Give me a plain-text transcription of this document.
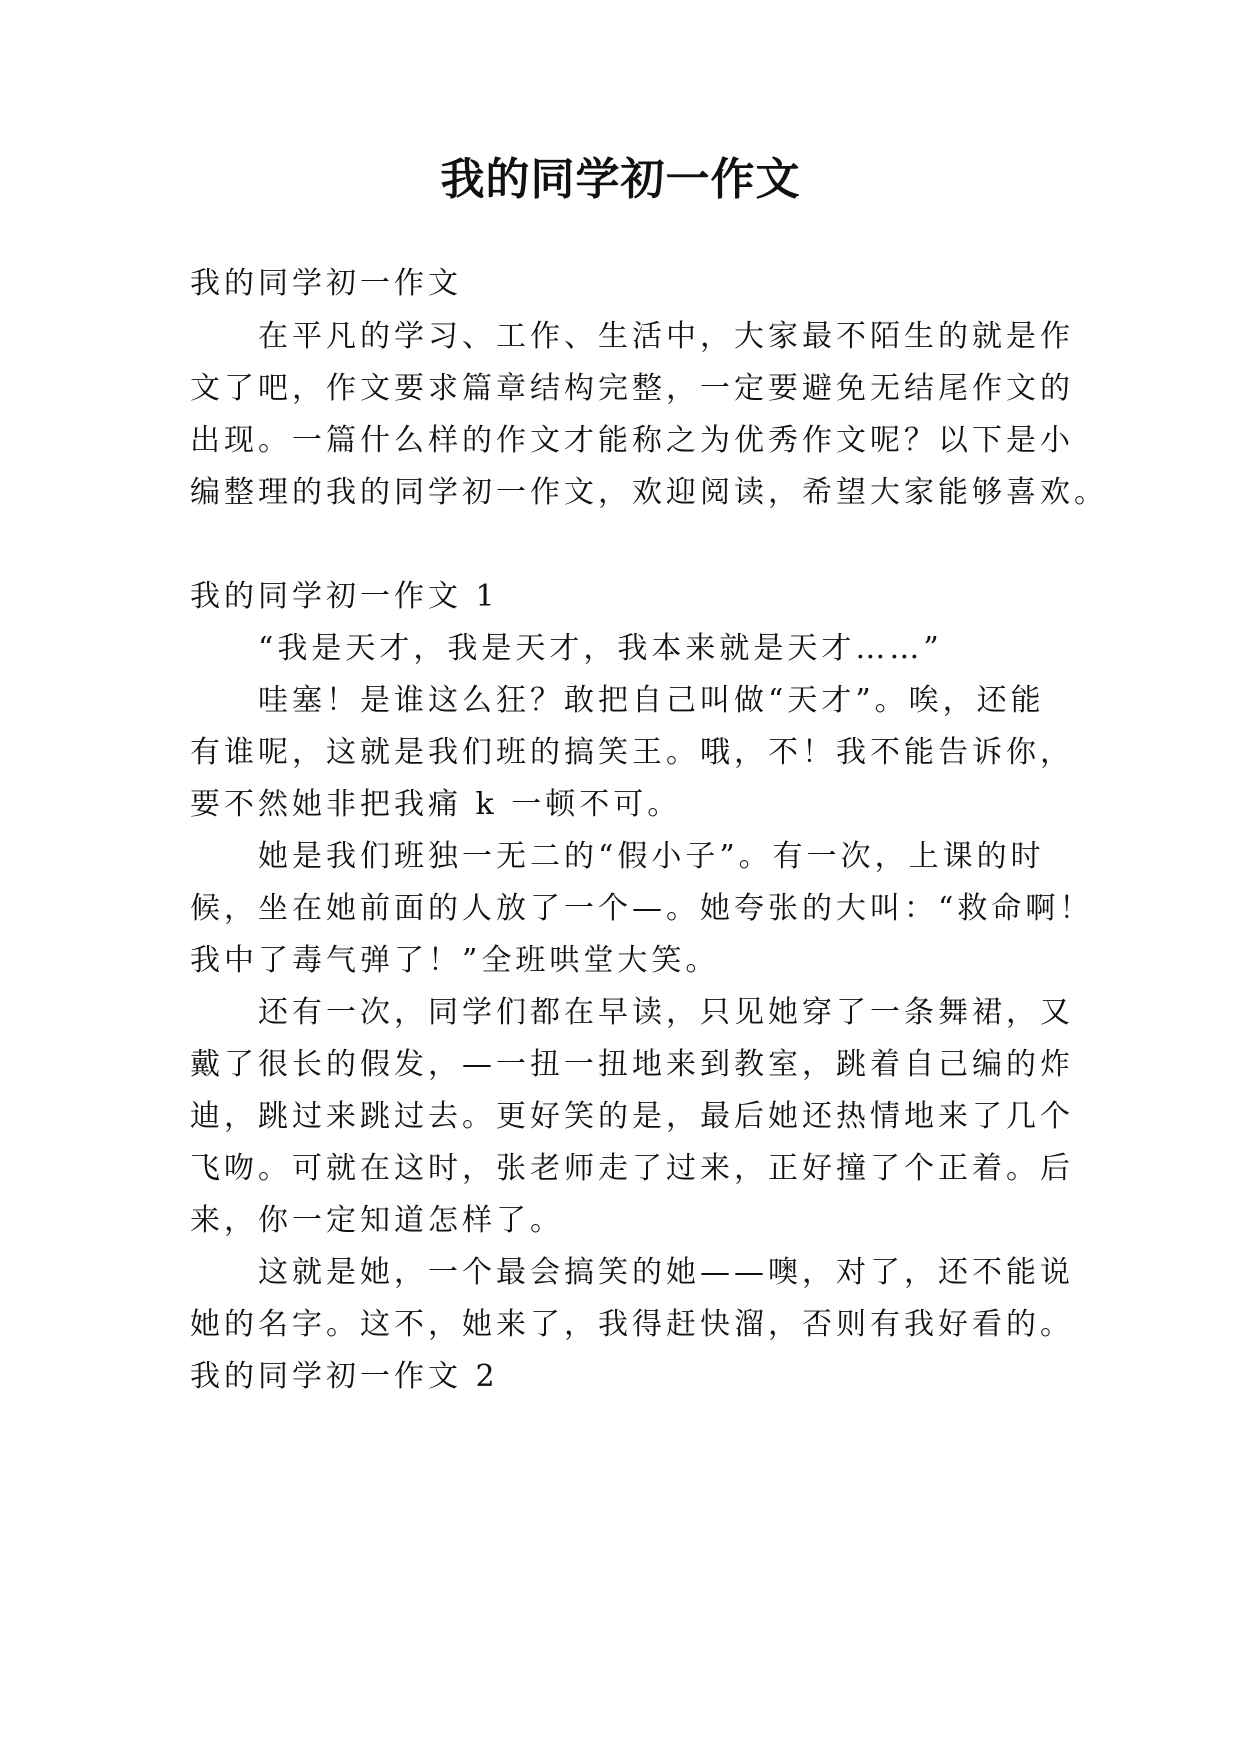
我的同学初一作文
我的同学初一作文
在平凡的学习、工作、生活中，大家最不陌生的就是作
文了吧，作文要求篇章结构完整，一定要避免无结尾作文的
出现。一篇什么样的作文才能称之为优秀作文呢？以下是小
编整理的我的同学初一作文，欢迎阅读，希望大家能够喜欢。
我的同学初一作文 1
“我是天才，我是天才，我本来就是天才……”
哇塞！是谁这么狂？敢把自己叫做“天才”。唉，还能
有谁呢，这就是我们班的搞笑王。哦，不！我不能告诉你，
要不然她非把我痛 k 一顿不可。
她是我们班独一无二的“假小子”。有一次，上课的时
候，坐在她前面的人放了一个—。她夸张的大叫：“救命啊！
我中了毒气弹了！”全班哄堂大笑。
还有一次，同学们都在早读，只见她穿了一条舞裙，又
戴了很长的假发，—一扭一扭地来到教室，跳着自己编的炸
迪，跳过来跳过去。更好笑的是，最后她还热情地来了几个
飞吻。可就在这时，张老师走了过来，正好撞了个正着。后
来，你一定知道怎样了。
这就是她，一个最会搞笑的她——噢，对了，还不能说
她的名字。这不，她来了，我得赶快溜，否则有我好看的。
我的同学初一作文 2
